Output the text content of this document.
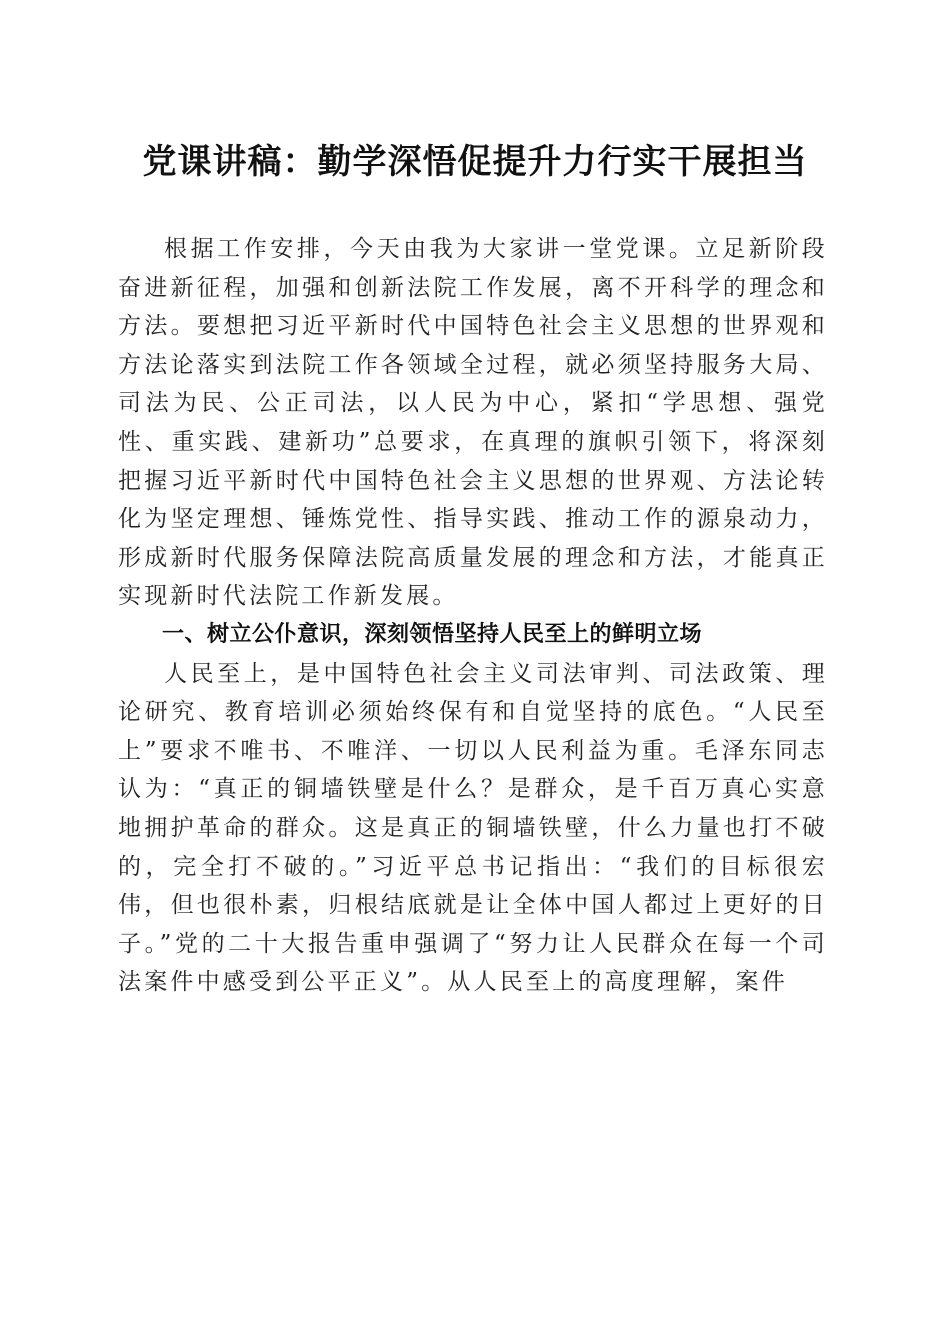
党课讲稿：勤学深悟促提升力行实干展担当

根据工作安排，今天由我为大家讲一堂党课。立足新阶段奋进新征程，加强和创新法院工作发展，离不开科学的理念和方法。要想把习近平新时代中国特色社会主义思想的世界观和方法论落实到法院工作各领域全过程，就必须坚持服务大局、司法为民、公正司法，以人民为中心，紧扣“学思想、强党性、重实践、建新功”总要求，在真理的旗帜引领下，将深刻把握习近平新时代中国特色社会主义思想的世界观、方法论转化为坚定理想、锤炼党性、指导实践、推动工作的源泉动力，形成新时代服务保障法院高质量发展的理念和方法，才能真正实现新时代法院工作新发展。

一、树立公仆意识，深刻领悟坚持人民至上的鲜明立场

人民至上，是中国特色社会主义司法审判、司法政策、理论研究、教育培训必须始终保有和自觉坚持的底色。“人民至上”要求不唯书、不唯洋、一切以人民利益为重。毛泽东同志认为：“真正的铜墙铁壁是什么？是群众，是千百万真心实意地拥护革命的群众。这是真正的铜墙铁壁，什么力量也打不破的，完全打不破的。”习近平总书记指出：“我们的目标很宏伟，但也很朴素，归根结底就是让全体中国人都过上更好的日子。”党的二十大报告重申强调了“努力让人民群众在每一个司法案件中感受到公平正义”。从人民至上的高度理解，案件
